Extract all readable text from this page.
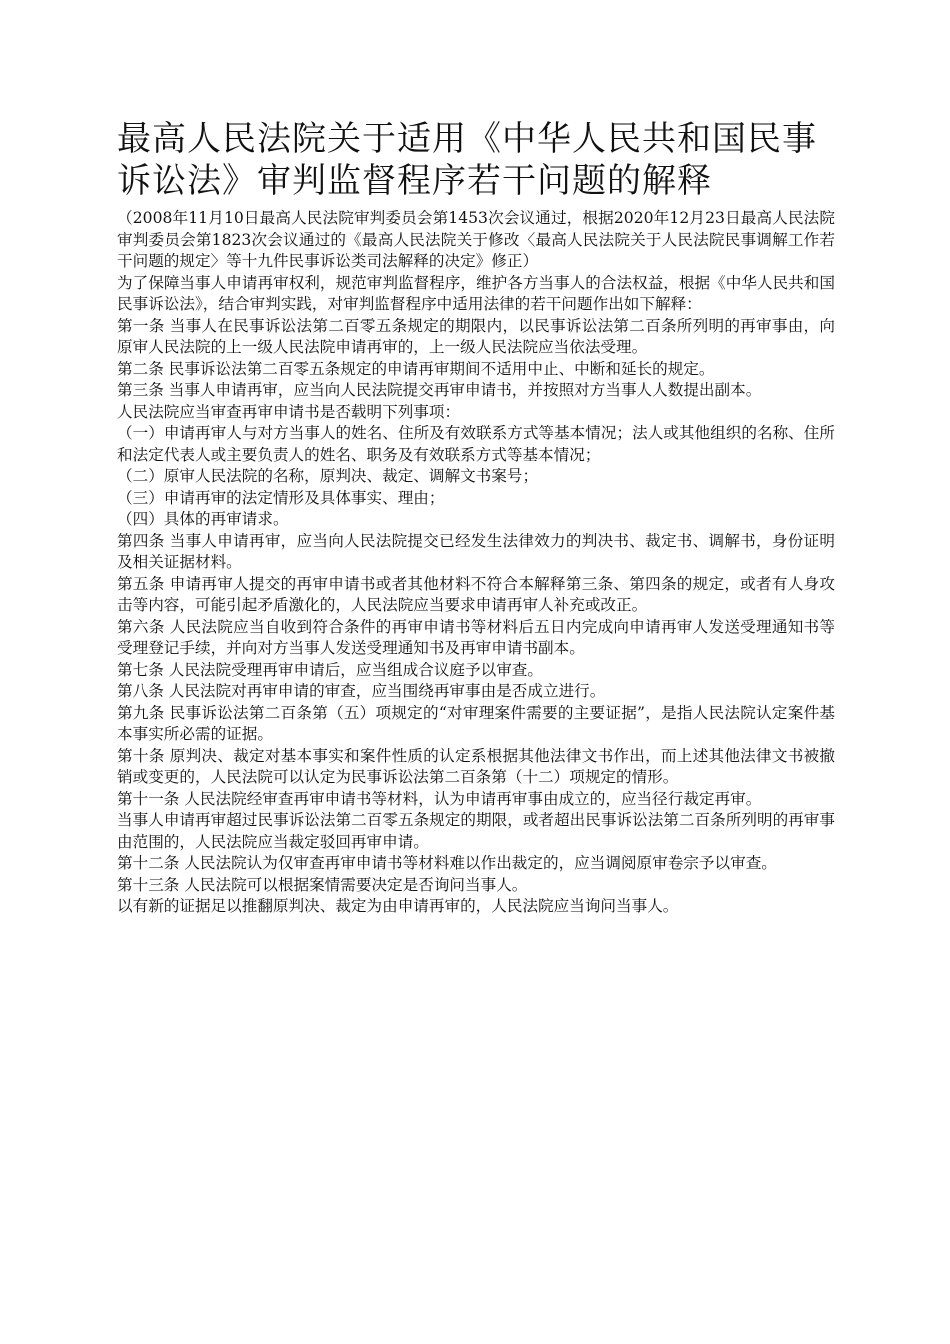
最高人民法院关于适用《中华人民共和国民事诉讼法》审判监督程序若干问题的解释

（2008年11月10日最高人民法院审判委员会第1453次会议通过，根据2020年12月23日最高人民法院审判委员会第1823次会议通过的《最高人民法院关于修改〈最高人民法院关于人民法院民事调解工作若干问题的规定〉等十九件民事诉讼类司法解释的决定》修正）

为了保障当事人申请再审权利，规范审判监督程序，维护各方当事人的合法权益，根据《中华人民共和国民事诉讼法》，结合审判实践，对审判监督程序中适用法律的若干问题作出如下解释：

第一条 当事人在民事诉讼法第二百零五条规定的期限内，以民事诉讼法第二百条所列明的再审事由，向原审人民法院的上一级人民法院申请再审的，上一级人民法院应当依法受理。

第二条 民事诉讼法第二百零五条规定的申请再审期间不适用中止、中断和延长的规定。

第三条 当事人申请再审，应当向人民法院提交再审申请书，并按照对方当事人人数提出副本。

人民法院应当审查再审申请书是否载明下列事项：

（一）申请再审人与对方当事人的姓名、住所及有效联系方式等基本情况；法人或其他组织的名称、住所和法定代表人或主要负责人的姓名、职务及有效联系方式等基本情况；

（二）原审人民法院的名称，原判决、裁定、调解文书案号；

（三）申请再审的法定情形及具体事实、理由；

（四）具体的再审请求。

第四条 当事人申请再审，应当向人民法院提交已经发生法律效力的判决书、裁定书、调解书，身份证明及相关证据材料。

第五条 申请再审人提交的再审申请书或者其他材料不符合本解释第三条、第四条的规定，或者有人身攻击等内容，可能引起矛盾激化的，人民法院应当要求申请再审人补充或改正。

第六条 人民法院应当自收到符合条件的再审申请书等材料后五日内完成向申请再审人发送受理通知书等受理登记手续，并向对方当事人发送受理通知书及再审申请书副本。

第七条 人民法院受理再审申请后，应当组成合议庭予以审查。

第八条 人民法院对再审申请的审查，应当围绕再审事由是否成立进行。

第九条 民事诉讼法第二百条第（五）项规定的“对审理案件需要的主要证据”，是指人民法院认定案件基本事实所必需的证据。

第十条 原判决、裁定对基本事实和案件性质的认定系根据其他法律文书作出，而上述其他法律文书被撤销或变更的，人民法院可以认定为民事诉讼法第二百条第（十二）项规定的情形。

第十一条 人民法院经审查再审申请书等材料，认为申请再审事由成立的，应当径行裁定再审。

当事人申请再审超过民事诉讼法第二百零五条规定的期限，或者超出民事诉讼法第二百条所列明的再审事由范围的，人民法院应当裁定驳回再审申请。

第十二条 人民法院认为仅审查再审申请书等材料难以作出裁定的，应当调阅原审卷宗予以审查。

第十三条 人民法院可以根据案情需要决定是否询问当事人。

以有新的证据足以推翻原判决、裁定为由申请再审的，人民法院应当询问当事人。
